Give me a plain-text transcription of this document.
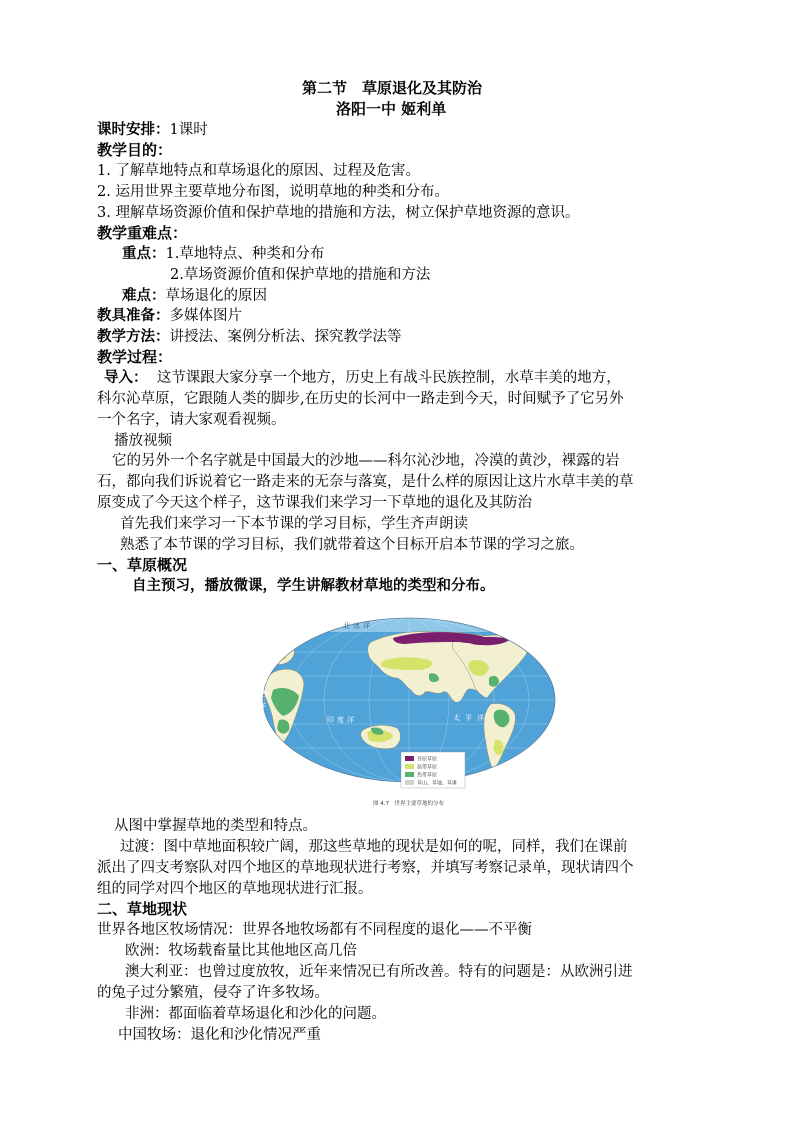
第二节　草原退化及其防治
洛阳一中 姬利单
课时安排：1课时
教学目的：
1. 了解草地特点和草场退化的原因、过程及危害。
2. 运用世界主要草地分布图，说明草地的种类和分布。
3. 理解草场资源价值和保护草地的措施和方法，树立保护草地资源的意识。
教学重难点：
重点：1.草地特点、种类和分布
2.草场资源价值和保护草地的措施和方法
难点：草场退化的原因
教具准备：多媒体图片
教学方法：讲授法、案例分析法、探究教学法等
教学过程：
导入： 这节课跟大家分享一个地方，历史上有战斗民族控制，水草丰美的地方，
科尔沁草原，它跟随人类的脚步,在历史的长河中一路走到今天，时间赋予了它另外
一个名字，请大家观看视频。
播放视频
它的另外一个名字就是中国最大的沙地——科尔沁沙地，冷漠的黄沙，裸露的岩
石，都向我们诉说着它一路走来的无奈与落寞，是什么样的原因让这片水草丰美的草
原变成了今天这个样子，这节课我们来学习一下草地的退化及其防治
首先我们来学习一下本节课的学习目标，学生齐声朗读
熟悉了本节课的学习目标，我们就带着这个目标开启本节课的学习之旅。
一、草原概况
自主预习，播放微课，学生讲解教材草地的类型和分布。
大
西
洋
太 平 洋
印 度 洋
北 冰 洋
苔原草原
温带草原
热带草原
草山、草地、草滩
图 4.7　世界主要草地的分布
从图中掌握草地的类型和特点。
过渡：图中草地面积较广阔，那这些草地的现状是如何的呢，同样，我们在课前
派出了四支考察队对四个地区的草地现状进行考察，并填写考察记录单，现状请四个
组的同学对四个地区的草地现状进行汇报。
二、草地现状
世界各地区牧场情况：世界各地牧场都有不同程度的退化——不平衡
欧洲：牧场载畜量比其他地区高几倍
澳大利亚：也曾过度放牧，近年来情况已有所改善。特有的问题是：从欧洲引进
的兔子过分繁殖，侵夺了许多牧场。
非洲：都面临着草场退化和沙化的问题。
中国牧场：退化和沙化情况严重
